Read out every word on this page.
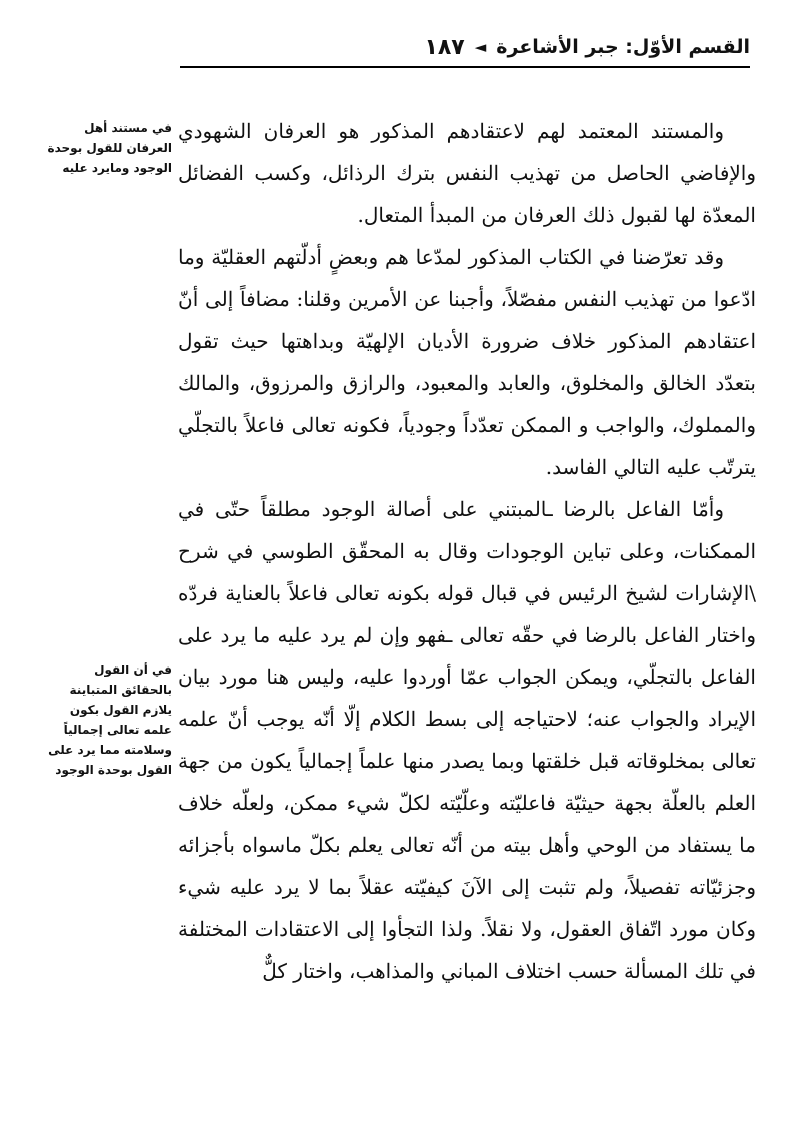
القسم الأوّل: جبر الأشاعرة
◄
١٨٧
في مستند أهل العرفان للقول بوحدة الوجود ومايرد عليه
في أن القول بالحقائق المتباينة يلازم القول بكون علمه تعالى إجمالياً وسلامته مما يرد على القول بوحدة الوجود

والمستند المعتمد لهم لاعتقادهم المذكور هو العرفان الشهودي والإفاضي الحاصل من تهذيب النفس بترك الرذائل، وكسب الفضائل المعدّة لها لقبول ذلك العرفان من المبدأ المتعال.

وقد تعرّضنا في الكتاب المذكور لمدّعا هم وبعضٍ أدلّتهم العقليّة وما ادّعوا من تهذيب النفس مفصّلاً، وأجبنا عن الأمرين وقلنا: مضافاً إلى أنّ اعتقادهم المذكور خلاف ضرورة الأديان الإلهيّة وبداهتها حيث تقول بتعدّد الخالق والمخلوق، والعابد والمعبود، والرازق والمرزوق، والمالك والمملوك، والواجب و الممكن تعدّداً وجودياً، فكونه تعالى فاعلاً بالتجلّي يترتّب عليه التالي الفاسد.

وأمّا الفاعل بالرضا ـالمبتني على أصالة الوجود مطلقاً حتّى في الممكنات، وعلى تباين الوجودات وقال به المحقّق الطوسي في شرح \الإشارات لشيخ الرئيس في قبال قوله بكونه تعالى فاعلاً بالعناية فردّه واختار الفاعل بالرضا في حقّه تعالى ـفهو وإن لم يرد عليه ما يرد على الفاعل بالتجلّي، ويمكن الجواب عمّا أوردوا عليه، وليس هنا مورد بيان الإيراد والجواب عنه؛ لاحتياجه إلى بسط الكلام إلّا أنّه يوجب أنّ علمه تعالى بمخلوقاته قبل خلقتها وبما يصدر منها علماً إجمالياً يكون من جهة العلم بالعلّة بجهة حيثيّة فاعليّته وعلّيّته لكلّ شيء ممكن، ولعلّه خلاف ما يستفاد من الوحي وأهل بيته من أنّه تعالى يعلم بكلّ ماسواه بأجزائه وجزئيّاته تفصيلاً، ولم تثبت إلى الآنَ كيفيّته عقلاً بما لا يرد عليه شيء وكان مورد اتّفاق العقول، ولا نقلاً. ولذا التجأوا إلى الاعتقادات المختلفة في تلك المسألة حسب اختلاف المباني والمذاهب، واختار كلٌّ
